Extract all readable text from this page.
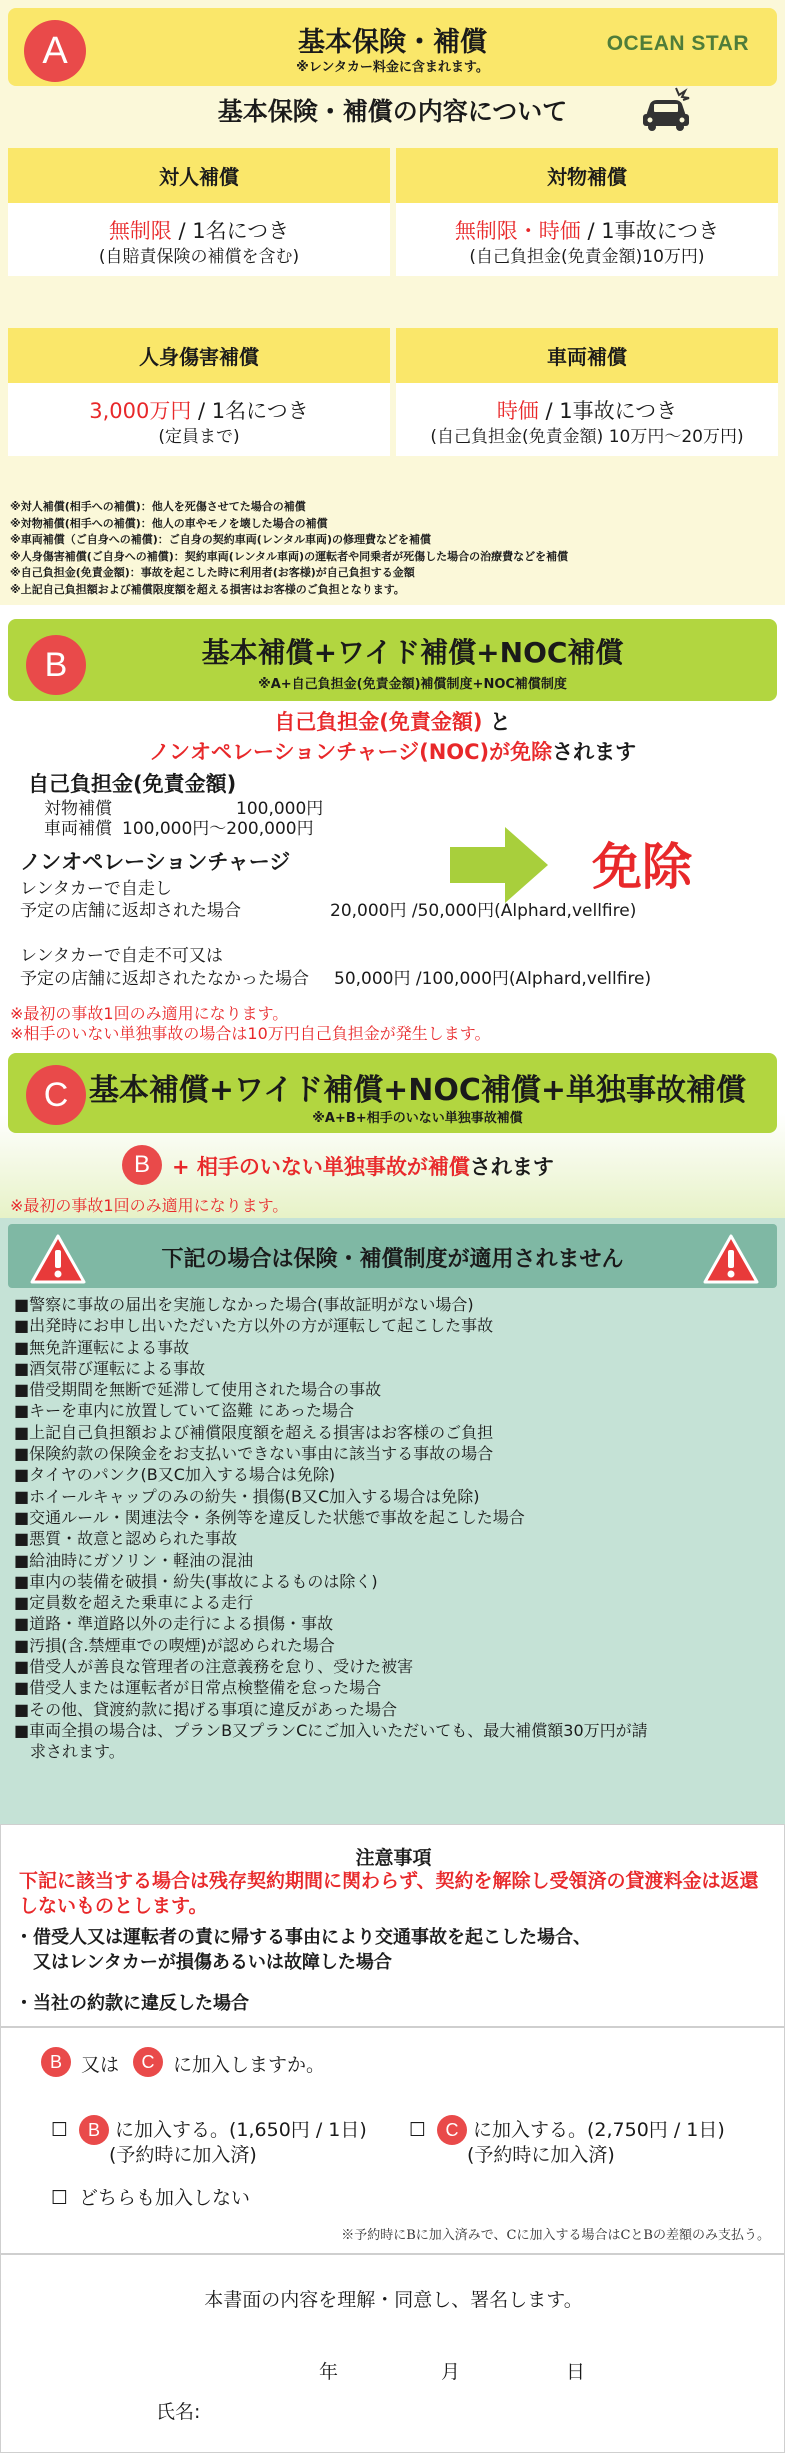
A	基本保険・補償
※レンタカー料金に含まれます。
OCEAN STAR
基本保険・補償の内容について
対人補償
無制限 / 1名につき
(自賠責保険の補償を含む)
対物補償
無制限・時価 / 1事故につき
(自己負担金(免責金額)10万円)
人身傷害補償
3,000万円 / 1名につき
(定員まで)
車両補償
時価 / 1事故につき
(自己負担金(免責金額) 10万円〜20万円)
※対人補償(相手への補償)：他人を死傷させてた場合の補償
※対物補償(相手への補償)：他人の車やモノを壊した場合の補償
※車両補償（ご自身への補償)：ご自身の契約車両(レンタル車両)の修理費などを補償
※人身傷害補償(ご自身への補償)：契約車両(レンタル車両)の運転者や同乗者が死傷した場合の治療費などを補償
※自己負担金(免責金額)：事故を起こした時に利用者(お客様)が自己負担する金額
※上記自己負担額および補償限度額を超える損害はお客様のご負担となります。
B	基本補償+ワイド補償+NOC補償
※A+自己負担金(免責金額)補償制度+NOC補償制度
自己負担金(免責金額) と
ノンオペレーションチャージ(NOC)が免除されます
自己負担金(免責金額)
対物補償	100,000円
車両補償 100,000円〜200,000円
ノンオペレーションチャージ
レンタカーで自走し
予定の店舗に返却された場合	20,000円 /50,000円(Alphard,vellfire)
レンタカーで自走不可又は
予定の店舗に返却されたなかった場合 50,000円 /100,000円(Alphard,vellfire)
免除
※最初の事故1回のみ適用になります。
※相手のいない単独事故の場合は10万円自己負担金が発生します。
C 基本補償+ワイド補償+NOC補償+単独事故補償
※A+B+相手のいない単独事故補償
B	+ 相手のいない単独事故が補償されます
※最初の事故1回のみ適用になります。
下記の場合は保険・補償制度が適用されません
■警察に事故の届出を実施しなかった場合(事故証明がない場合)
■出発時にお申し出いただいた方以外の方が運転して起こした事故
■無免許運転による事故
■酒気帯び運転による事故
■借受期間を無断で延滞して使用された場合の事故
■キーを車内に放置していて盗難 にあった場合
■上記自己負担額および補償限度額を超える損害はお客様のご負担
■保険約款の保険金をお支払いできない事由に該当する事故の場合
■タイヤのパンク(B又C加入する場合は免除)
■ホイールキャップのみの紛失・損傷(B又C加入する場合は免除)
■交通ルール・関連法令・条例等を違反した状態で事故を起こした場合
■悪質・故意と認められた事故
■給油時にガソリン・軽油の混油
■車内の装備を破損・紛失(事故によるものは除く)
■定員数を超えた乗車による走行
■道路・準道路以外の走行による損傷・事故
■汚損(含.禁煙車での喫煙)が認められた場合
■借受人が善良な管理者の注意義務を怠り、受けた被害
■借受人または運転者が日常点検整備を怠った場合
■その他、貸渡約款に掲げる事項に違反があった場合
■車両全損の場合は、プランB又プランCにご加入いただいても、最大補償額30万円が請
　求されます。
注意事項
下記に該当する場合は残存契約期間に関わらず、契約を解除し受領済の貸渡料金は返還しないものとします。
・借受人又は運転者の責に帰する事由により交通事故を起こした場合、
　又はレンタカーが損傷あるいは故障した場合
・当社の約款に違反した場合
B	又は	C に加入しますか。
☐	B に加入する。(1,650円 / 1日)
(予約時に加入済)
☐	C に加入する。(2,750円 / 1日)
(予約時に加入済)
☐ どちらも加入しない
※予約時にBに加入済みで、Cに加入する場合はCとBの差額のみ支払う。
本書面の内容を理解・同意し、署名します。
年	月	日
氏名:
